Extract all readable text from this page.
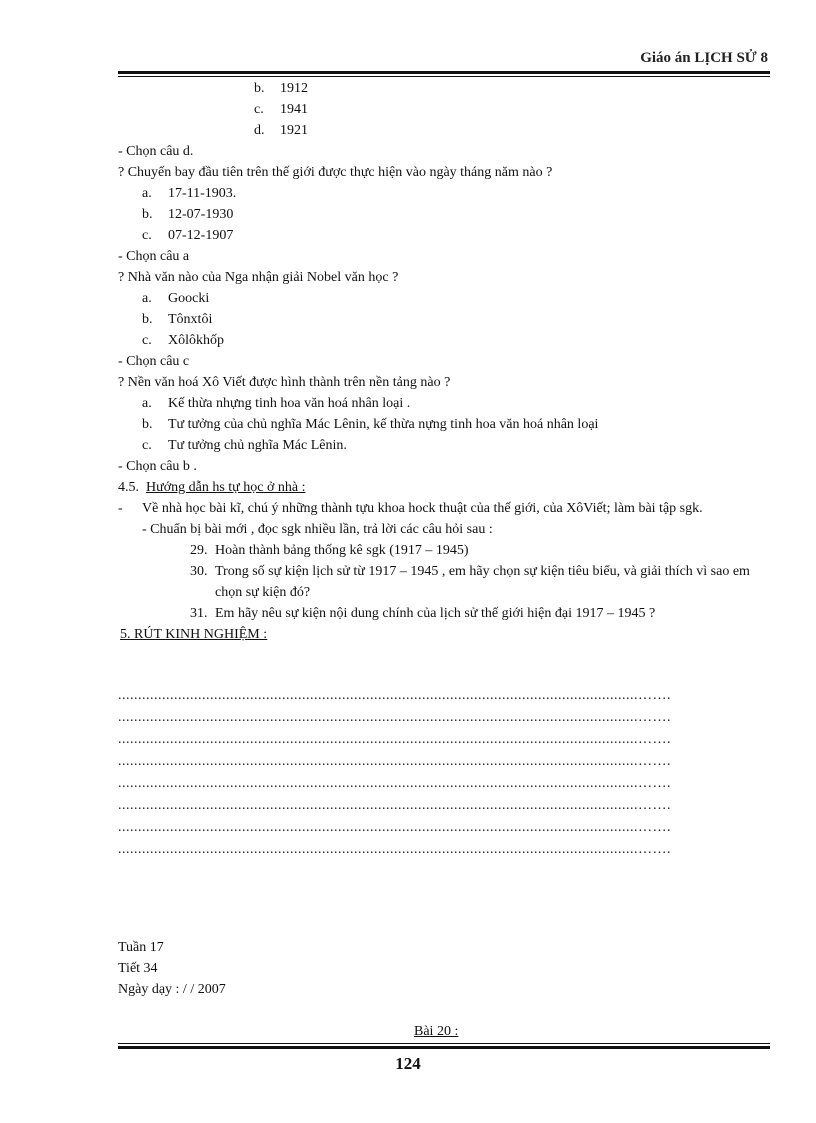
Giáo án LỊCH SỬ 8
b. 1912
c. 1941
d. 1921
- Chọn câu d.
? Chuyến bay đầu tiên trên thế giới được thực hiện vào ngày tháng năm nào ?
a. 17-11-1903.
b. 12-07-1930
c. 07-12-1907
- Chọn câu a
? Nhà văn nào của Nga nhận giải Nobel văn học ?
a. Goocki
b. Tônxtôi
c. Xôlôkhốp
- Chọn câu c
? Nền văn hoá Xô Viết được hình thành trên nền tảng nào ?
a. Kế thừa nhựng tinh hoa văn hoá nhân loại .
b. Tư tưởng của chủ nghĩa Mác Lênin, kế thừa nựng tinh hoa văn hoá nhân loại
c. Tư tưởng chủ nghĩa Mác Lênin.
- Chọn câu b .
4.5. Hướng dẫn hs tự học ở nhà :
- Về nhà học bài kĩ, chú ý những thành tựu khoa hock thuật của thế giới, của XôViết; làm bài tập sgk.
- Chuẩn bị bài mới , đọc sgk nhiều lần, trả lời các câu hỏi sau :
29. Hoàn thành bảng thống kê sgk (1917 – 1945)
30. Trong số sự kiện lịch sử từ 1917 – 1945 , em hãy chọn sự kiện tiêu biểu, và giải thích vì sao em chọn sự kiện đó?
31. Em hãy nêu sự kiện nội dung chính của lịch sử thế giới hiện đại 1917 – 1945 ?
5. RÚT KINH NGHIỆM :
..................................................................................................................................…….
..................................................................................................................................…….
..................................................................................................................................…….
..................................................................................................................................…….
..................................................................................................................................…….
..................................................................................................................................…….
..................................................................................................................................…….
..................................................................................................................................…….
Tuần 17
Tiết 34
Ngày dạy : / / 2007
Bài 20 :
124
